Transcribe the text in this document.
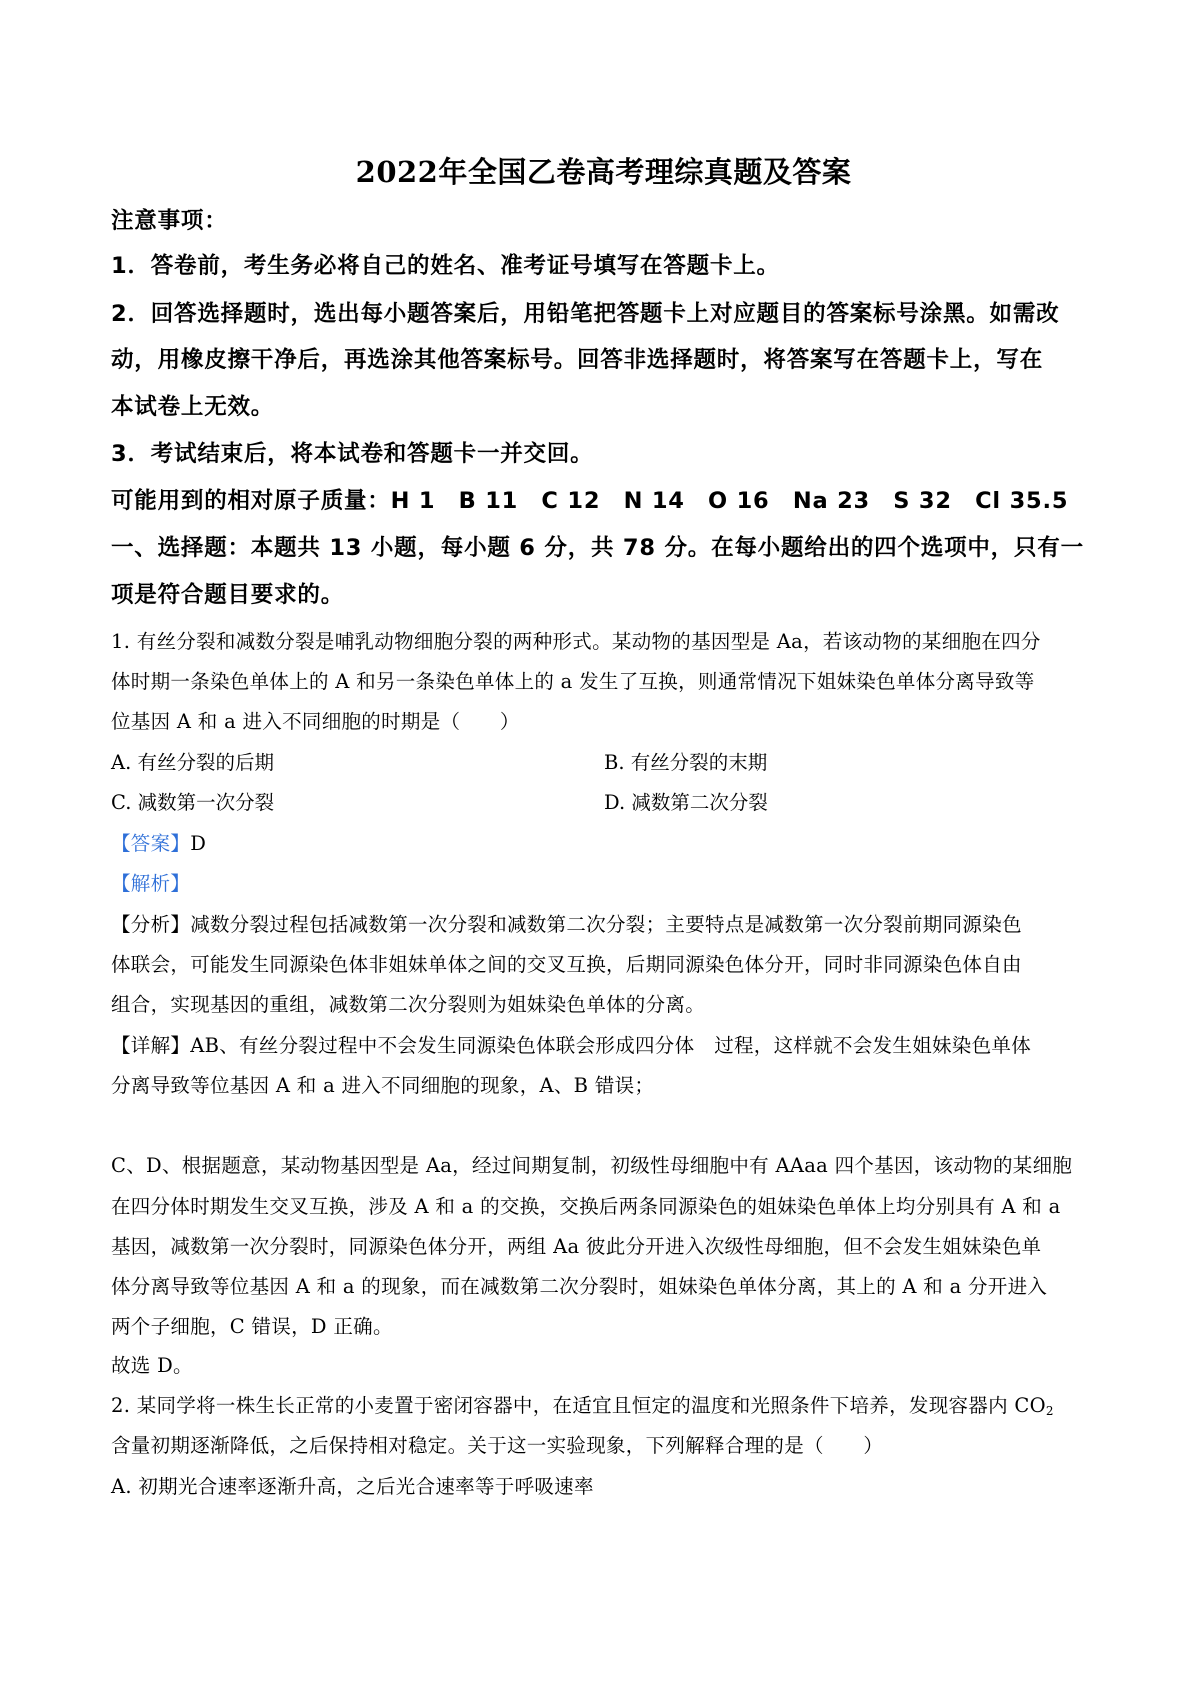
2022年全国乙卷高考理综真题及答案
注意事项：
1．答卷前，考生务必将自己的姓名、准考证号填写在答题卡上。
2．回答选择题时，选出每小题答案后，用铅笔把答题卡上对应题目的答案标号涂黑。如需改
动，用橡皮擦干净后，再选涂其他答案标号。回答非选择题时，将答案写在答题卡上，写在
本试卷上无效。
3．考试结束后，将本试卷和答题卡一并交回。
可能用到的相对原子质量：H 1　B 11　C 12　N 14　O 16　Na 23　S 32　Cl 35.5
一、选择题：本题共 13 小题，每小题 6 分，共 78 分。在每小题给出的四个选项中，只有一
项是符合题目要求的。
1. 有丝分裂和减数分裂是哺乳动物细胞分裂的两种形式。某动物的基因型是 Aa，若该动物的某细胞在四分
体时期一条染色单体上的 A 和另一条染色单体上的 a 发生了互换，则通常情况下姐妹染色单体分离导致等
位基因 A 和 a 进入不同细胞的时期是（　　）
A. 有丝分裂的后期	B. 有丝分裂的末期
C. 减数第一次分裂	D. 减数第二次分裂
【答案】D
【解析】
【分析】减数分裂过程包括减数第一次分裂和减数第二次分裂；主要特点是减数第一次分裂前期同源染色
体联会，可能发生同源染色体非姐妹单体之间的交叉互换，后期同源染色体分开，同时非同源染色体自由
组合，实现基因的重组，减数第二次分裂则为姐妹染色单体的分离。
【详解】AB、有丝分裂过程中不会发生同源染色体联会形成四分体　过程，这样就不会发生姐妹染色单体
分离导致等位基因 A 和 a 进入不同细胞的现象，A、B 错误；
C、D、根据题意，某动物基因型是 Aa，经过间期复制，初级性母细胞中有 AAaa 四个基因，该动物的某细胞
在四分体时期发生交叉互换，涉及 A 和 a 的交换，交换后两条同源染色的姐妹染色单体上均分别具有 A 和 a
基因，减数第一次分裂时，同源染色体分开，两组 Aa 彼此分开进入次级性母细胞，但不会发生姐妹染色单
体分离导致等位基因 A 和 a 的现象，而在减数第二次分裂时，姐妹染色单体分离，其上的 A 和 a 分开进入
两个子细胞，C 错误，D 正确。
故选 D。
2. 某同学将一株生长正常的小麦置于密闭容器中，在适宜且恒定的温度和光照条件下培养，发现容器内 $CO_2$
含量初期逐渐降低，之后保持相对稳定。关于这一实验现象，下列解释合理的是（　　）
A. 初期光合速率逐渐升高，之后光合速率等于呼吸速率
